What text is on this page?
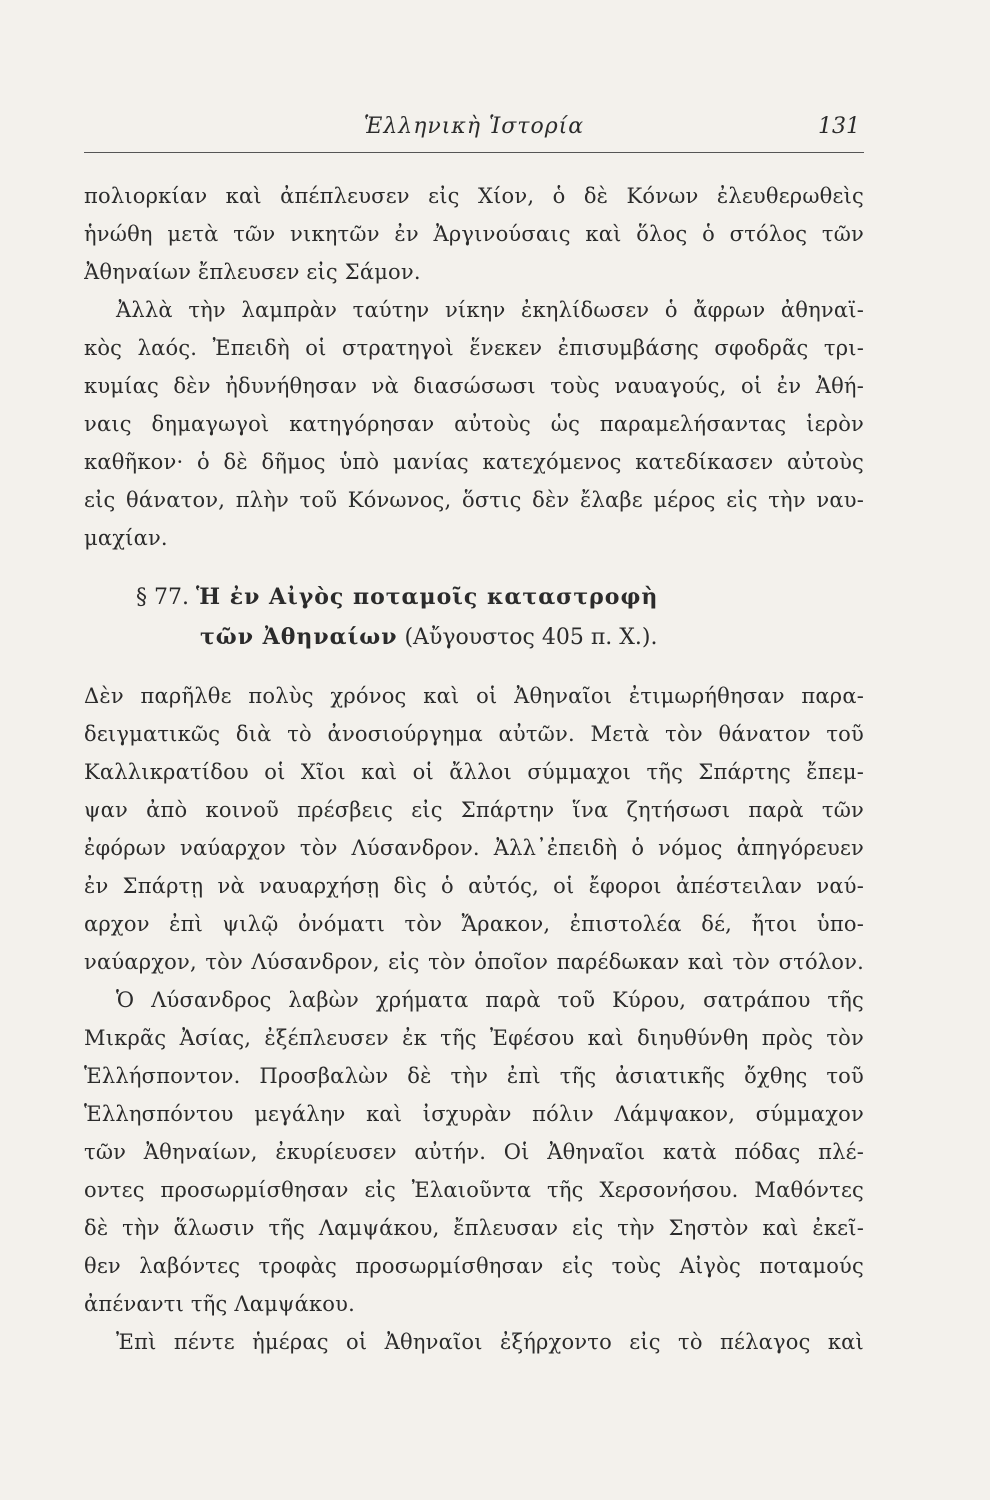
Ἑλληνικὴ Ἱστορία	131
πολιορκίαν καὶ ἀπέπλευσεν εἰς Χίον, ὁ δὲ Κόνων ἐλευθερωθεὶς
ἡνώθη μετὰ τῶν νικητῶν ἐν Ἀργινούσαις καὶ ὅλος ὁ στόλος τῶν
Ἀθηναίων ἔπλευσεν εἰς Σάμον.
Ἀλλὰ τὴν λαμπρὰν ταύτην νίκην ἐκηλίδωσεν ὁ ἄφρων ἀθηναϊ-
κὸς λαός. Ἐπειδὴ οἱ στρατηγοὶ ἕνεκεν ἐπισυμβάσης σφοδρᾶς τρι-
κυμίας δὲν ἠδυνήθησαν νὰ διασώσωσι τοὺς ναυαγούς, οἱ ἐν Ἀθή-
ναις δημαγωγοὶ κατηγόρησαν αὐτοὺς ὡς παραμελήσαντας ἱερὸν
καθῆκον· ὁ δὲ δῆμος ὑπὸ μανίας κατεχόμενος κατεδίκασεν αὐτοὺς
εἰς θάνατον, πλὴν τοῦ Κόνωνος, ὅστις δὲν ἔλαβε μέρος εἰς τὴν ναυ-
μαχίαν.
§ 77. Ἡ ἐν Αἰγὸς ποταμοῖς καταστροφὴ
τῶν Ἀθηναίων (Αὔγουστος 405 π. Χ.).
Δὲν παρῆλθε πολὺς χρόνος καὶ οἱ Ἀθηναῖοι ἐτιμωρήθησαν παρα-
δειγματικῶς διὰ τὸ ἀνοσιούργημα αὐτῶν. Μετὰ τὸν θάνατον τοῦ
Καλλικρατίδου οἱ Χῖοι καὶ οἱ ἄλλοι σύμμαχοι τῆς Σπάρτης ἔπεμ-
ψαν ἀπὸ κοινοῦ πρέσβεις εἰς Σπάρτην ἵνα ζητήσωσι παρὰ τῶν
ἐφόρων ναύαρχον τὸν Λύσανδρον. Ἀλλ᾽ἐπειδὴ ὁ νόμος ἀπηγόρευεν
ἐν Σπάρτῃ νὰ ναυαρχήσῃ δὶς ὁ αὐτός, οἱ ἔφοροι ἀπέστειλαν ναύ-
αρχον ἐπὶ ψιλῷ ὀνόματι τὸν Ἄρακον, ἐπιστολέα δέ, ἤτοι ὑπο-
ναύαρχον, τὸν Λύσανδρον, εἰς τὸν ὁποῖον παρέδωκαν καὶ τὸν στόλον.
Ὁ Λύσανδρος λαβὼν χρήματα παρὰ τοῦ Κύρου, σατράπου τῆς
Μικρᾶς Ἀσίας, ἐξέπλευσεν ἐκ τῆς Ἐφέσου καὶ διηυθύνθη πρὸς τὸν
Ἑλλήσποντον. Προσβαλὼν δὲ τὴν ἐπὶ τῆς ἀσιατικῆς ὄχθης τοῦ
Ἑλλησπόντου μεγάλην καὶ ἰσχυρὰν πόλιν Λάμψακον, σύμμαχον
τῶν Ἀθηναίων, ἐκυρίευσεν αὐτήν. Οἱ Ἀθηναῖοι κατὰ πόδας πλέ-
οντες προσωρμίσθησαν εἰς Ἐλαιοῦντα τῆς Χερσονήσου. Μαθόντες
δὲ τὴν ἅλωσιν τῆς Λαμψάκου, ἔπλευσαν εἰς τὴν Σηστὸν καὶ ἐκεῖ-
θεν λαβόντες τροφὰς προσωρμίσθησαν εἰς τοὺς Αἰγὸς ποταμούς
ἀπέναντι τῆς Λαμψάκου.
Ἐπὶ πέντε ἡμέρας οἱ Ἀθηναῖοι ἐξήρχοντο εἰς τὸ πέλαγος καὶ
